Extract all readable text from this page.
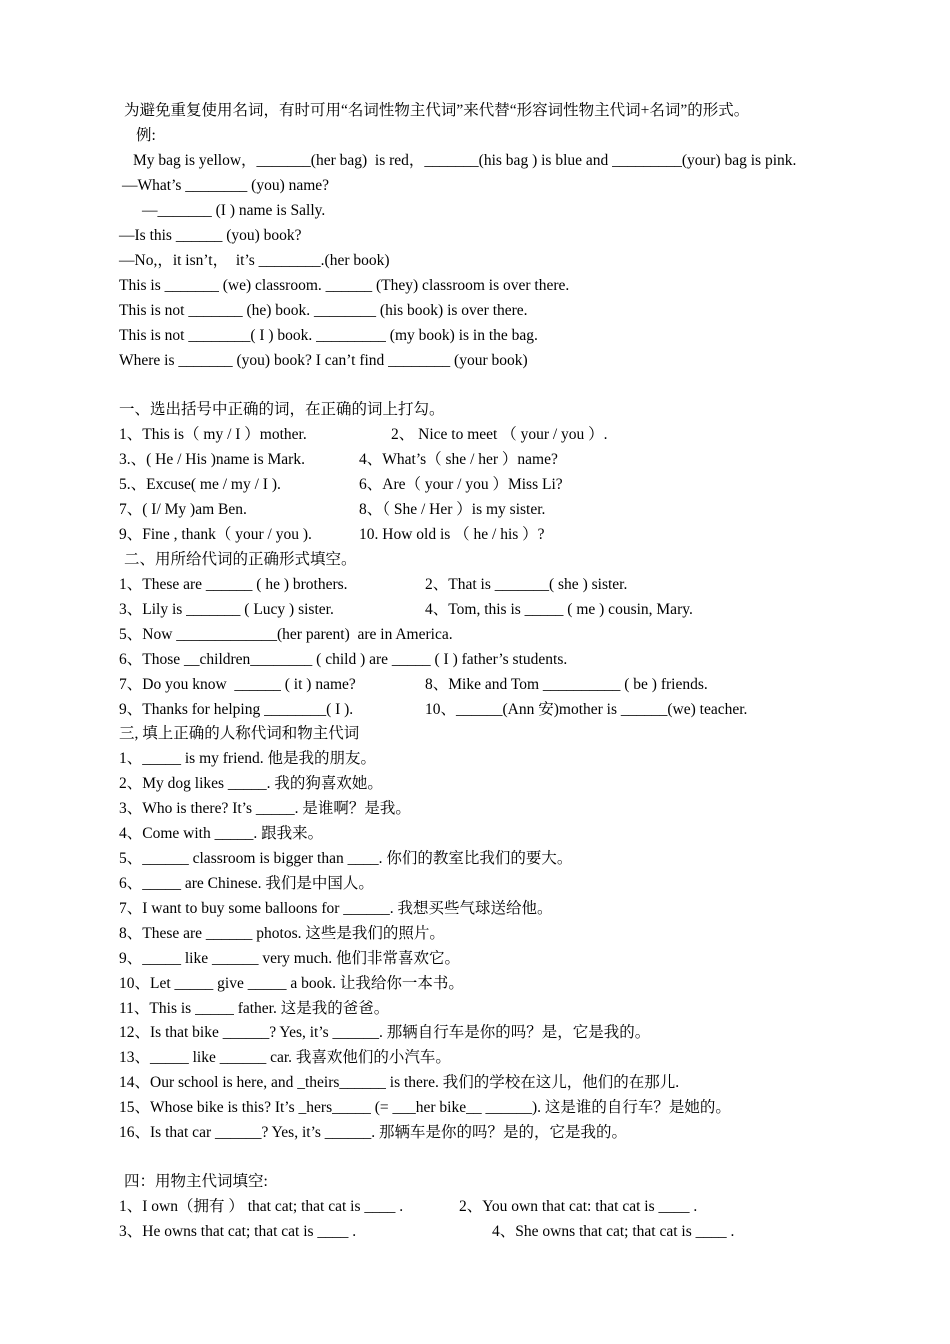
为避免重复使用名词，有时可用“名词性物主代词”来代替“形容词性物主代词+名词”的形式。
例:
My bag is yellow，_______(her bag)  is red，_______(his bag ) is blue and _________(your) bag is pink.
—What’s ________ (you) name?
—_______ (I ) name is Sally.
—Is this ______ (you) book?
—No,，it isn’t，  it’s ________.(her book)
This is _______ (we) classroom. ______ (They) classroom is over there.
This is not _______ (he) book. ________ (his book) is over there.
This is not ________( I ) book. _________ (my book) is in the bag.
Where is _______ (you) book? I can’t find ________ (your book)
一、选出括号中正确的词，在正确的词上打勾。

1、This is（ my / I ）mother.

	2、 Nice to meet （ your / you ）.

3.、( He / His )name is Mark.

	4、What’s（ she / her ）name?

5.、Excuse( me / my / I ).

	6、Are（ your / you ）Miss Li?

7、( I/ My )am Ben.

	8、（ She / Her ）is my sister.

9、Fine , thank（ your / you ).

	10. How old is （ he / his ）?

二、用所给代词的正确形式填空。

1、These are ______ ( he ) brothers.

	2、That is _______( she ) sister.

3、Lily is _______ ( Lucy ) sister.

	4、Tom, this is _____ ( me ) cousin, Mary.

5、Now _____________(her parent)  are in America.

6、Those __children________ ( child ) are _____ ( I ) father’s students.

7、Do you know  ______ ( it ) name?

	8、Mike and Tom __________ ( be ) friends.

9、Thanks for helping ________( I ).

	10、______(Ann 安)mother is ______(we) teacher.

三, 填上正确的人称代词和物主代词
1、_____ is my friend. 他是我的朋友。
2、My dog likes _____. 我的狗喜欢她。
3、Who is there? It’s _____. 是谁啊？是我。
4、Come with _____. 跟我来。
5、______ classroom is bigger than ____. 你们的教室比我们的要大。
6、_____ are Chinese. 我们是中国人。
7、I want to buy some balloons for ______. 我想买些气球送给他。
8、These are ______ photos. 这些是我们的照片。
9、_____ like ______ very much. 他们非常喜欢它。
10、Let _____ give _____ a book. 让我给你一本书。
11、This is _____ father. 这是我的爸爸。
12、Is that bike ______? Yes, it’s ______. 那辆自行车是你的吗？是，它是我的。
13、_____ like ______ car. 我喜欢他们的小汽车。
14、Our school is here, and _theirs______ is there. 我们的学校在这儿，他们的在那儿.
15、Whose bike is this? It’s _hers_____ (= ___her bike__ ______). 这是谁的自行车？是她的。
16、Is that car ______? Yes, it’s ______. 那辆车是你的吗？是的，它是我的。
四：用物主代词填空:

1、I own（拥有 ） that cat; that cat is ____ .

	2、You own that cat: that cat is ____ .

3、He owns that cat; that cat is ____ .

	4、She owns that cat; that cat is ____ .
